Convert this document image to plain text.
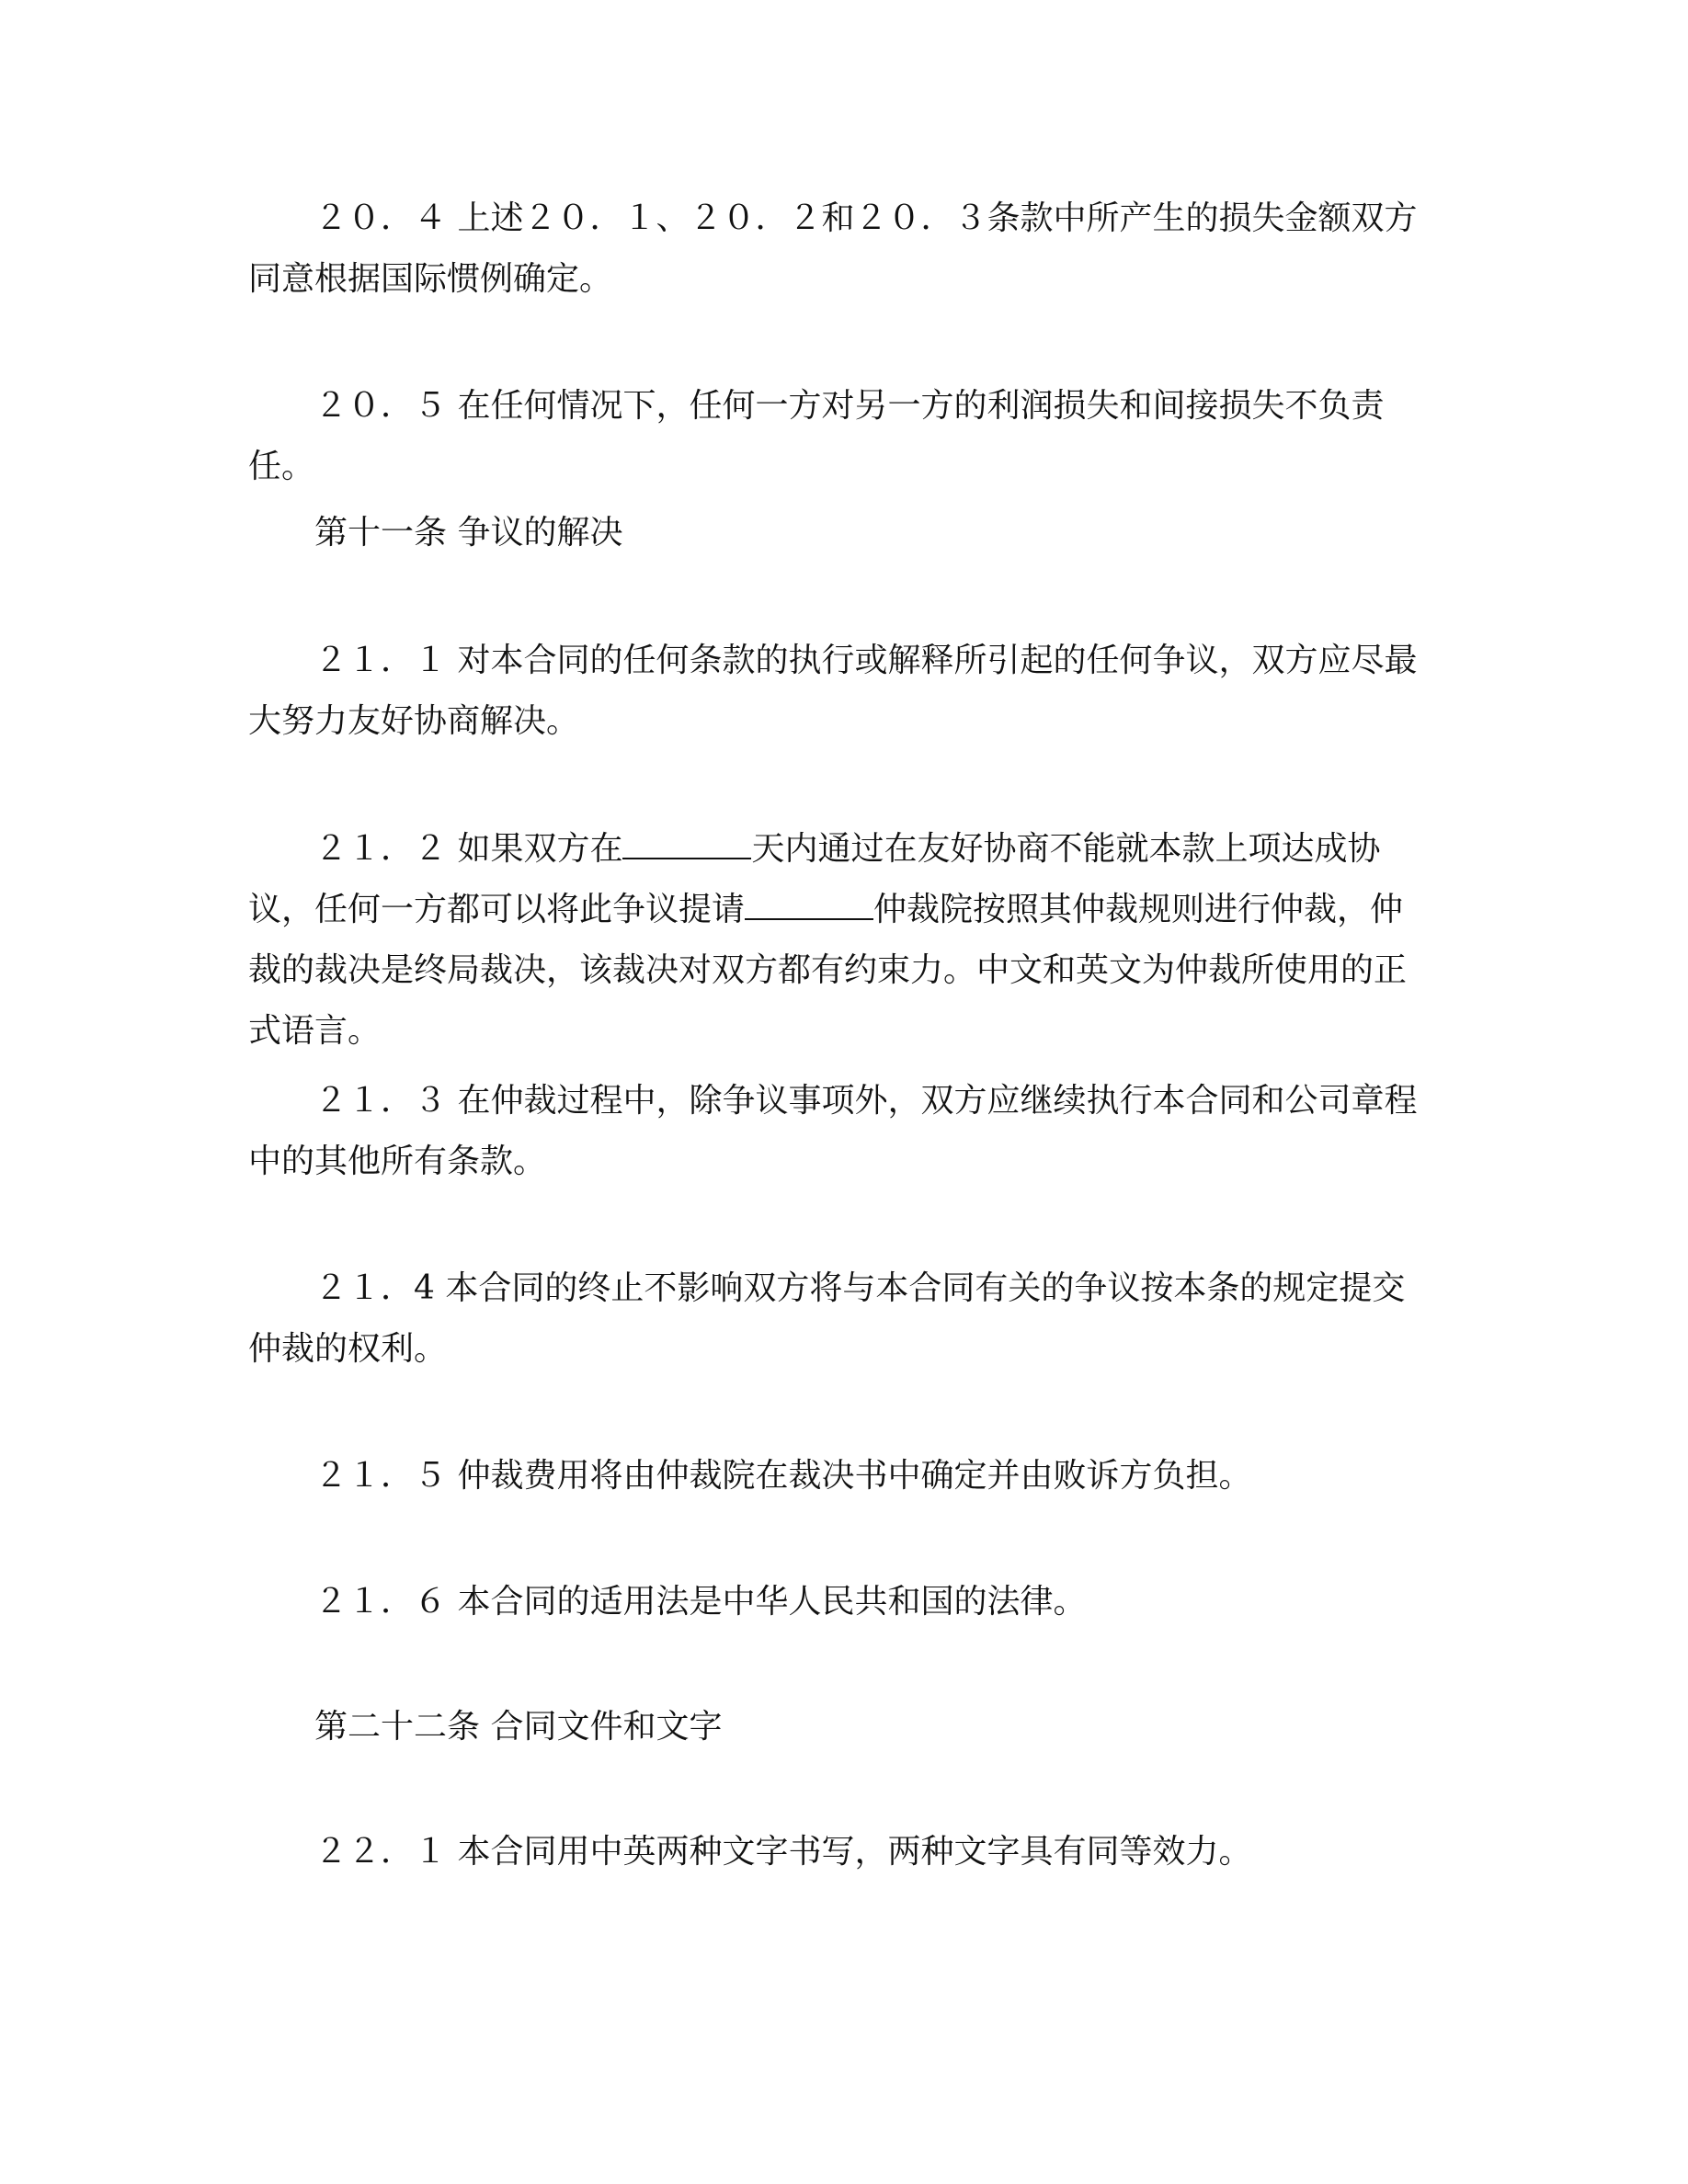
２０．４ 上述２０．１、２０．２和２０．３条款中所产生的损失金额双方同意根据国际惯例确定。

２０．５ 在任何情况下，任何一方对另一方的利润损失和间接损失不负责任。

第十一条 争议的解决

２１．１ 对本合同的任何条款的执行或解释所引起的任何争议，双方应尽最大努力友好协商解决。

２１．２ 如果双方在	天内通过在友好协商不能就本款上项达成协议，任何一方都可以将此争议提请	仲裁院按照其仲裁规则进行仲裁，仲裁的裁决是终局裁决，该裁决对双方都有约束力。中文和英文为仲裁所使用的正式语言。

２１．３ 在仲裁过程中，除争议事项外，双方应继续执行本合同和公司章程中的其他所有条款。

２１．4 本合同的终止不影响双方将与本合同有关的争议按本条的规定提交仲裁的权利。

２１．５ 仲裁费用将由仲裁院在裁决书中确定并由败诉方负担。

２１．６ 本合同的适用法是中华人民共和国的法律。

第二十二条 合同文件和文字

２２．１ 本合同用中英两种文字书写，两种文字具有同等效力。
